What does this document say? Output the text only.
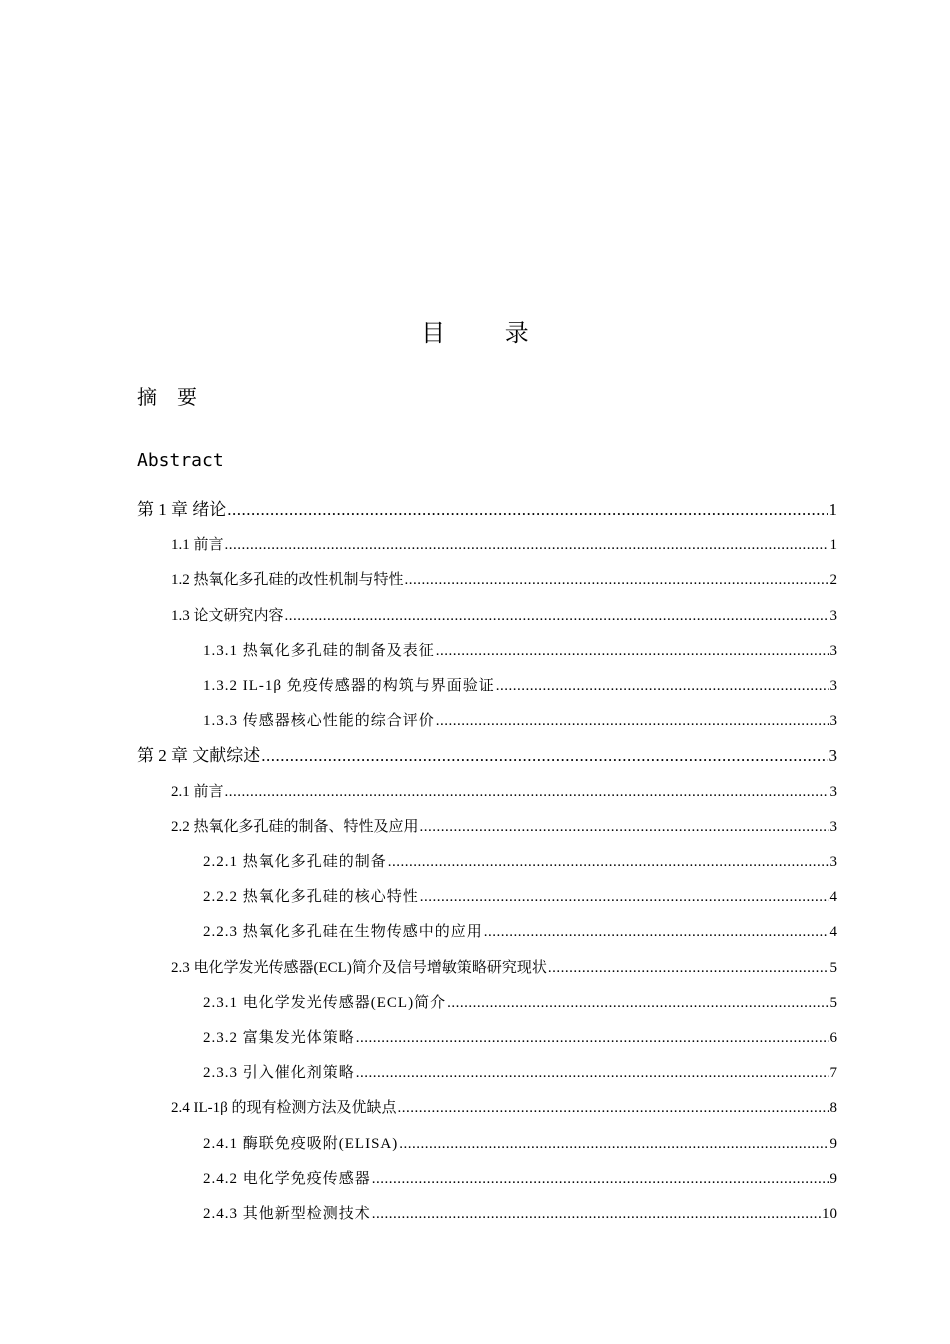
目 录
摘要
Abstract
第 1 章 绪论 .....	1
1.1 前言 .....	1
1.2 热氧化多孔硅的改性机制与特性 .....	2
1.3 论文研究内容 .....	3
1.3.1 热氧化多孔硅的制备及表征 .....	3
1.3.2 IL-1β 免疫传感器的构筑与界面验证 .....	3
1.3.3 传感器核心性能的综合评价 .....	3
第 2 章 文献综述 .....	3
2.1 前言 .....	3
2.2 热氧化多孔硅的制备、特性及应用 .....	3
2.2.1 热氧化多孔硅的制备 .....	3
2.2.2 热氧化多孔硅的核心特性 .....	4
2.2.3 热氧化多孔硅在生物传感中的应用 .....	4
2.3 电化学发光传感器(ECL)简介及信号增敏策略研究现状 .....	5
2.3.1 电化学发光传感器(ECL)简介 .....	5
2.3.2 富集发光体策略 .....	6
2.3.3 引入催化剂策略 .....	7
2.4 IL-1β 的现有检测方法及优缺点 .....	8
2.4.1 酶联免疫吸附(ELISA) .....	9
2.4.2 电化学免疫传感器 .....	9
2.4.3 其他新型检测技术 .....	10
